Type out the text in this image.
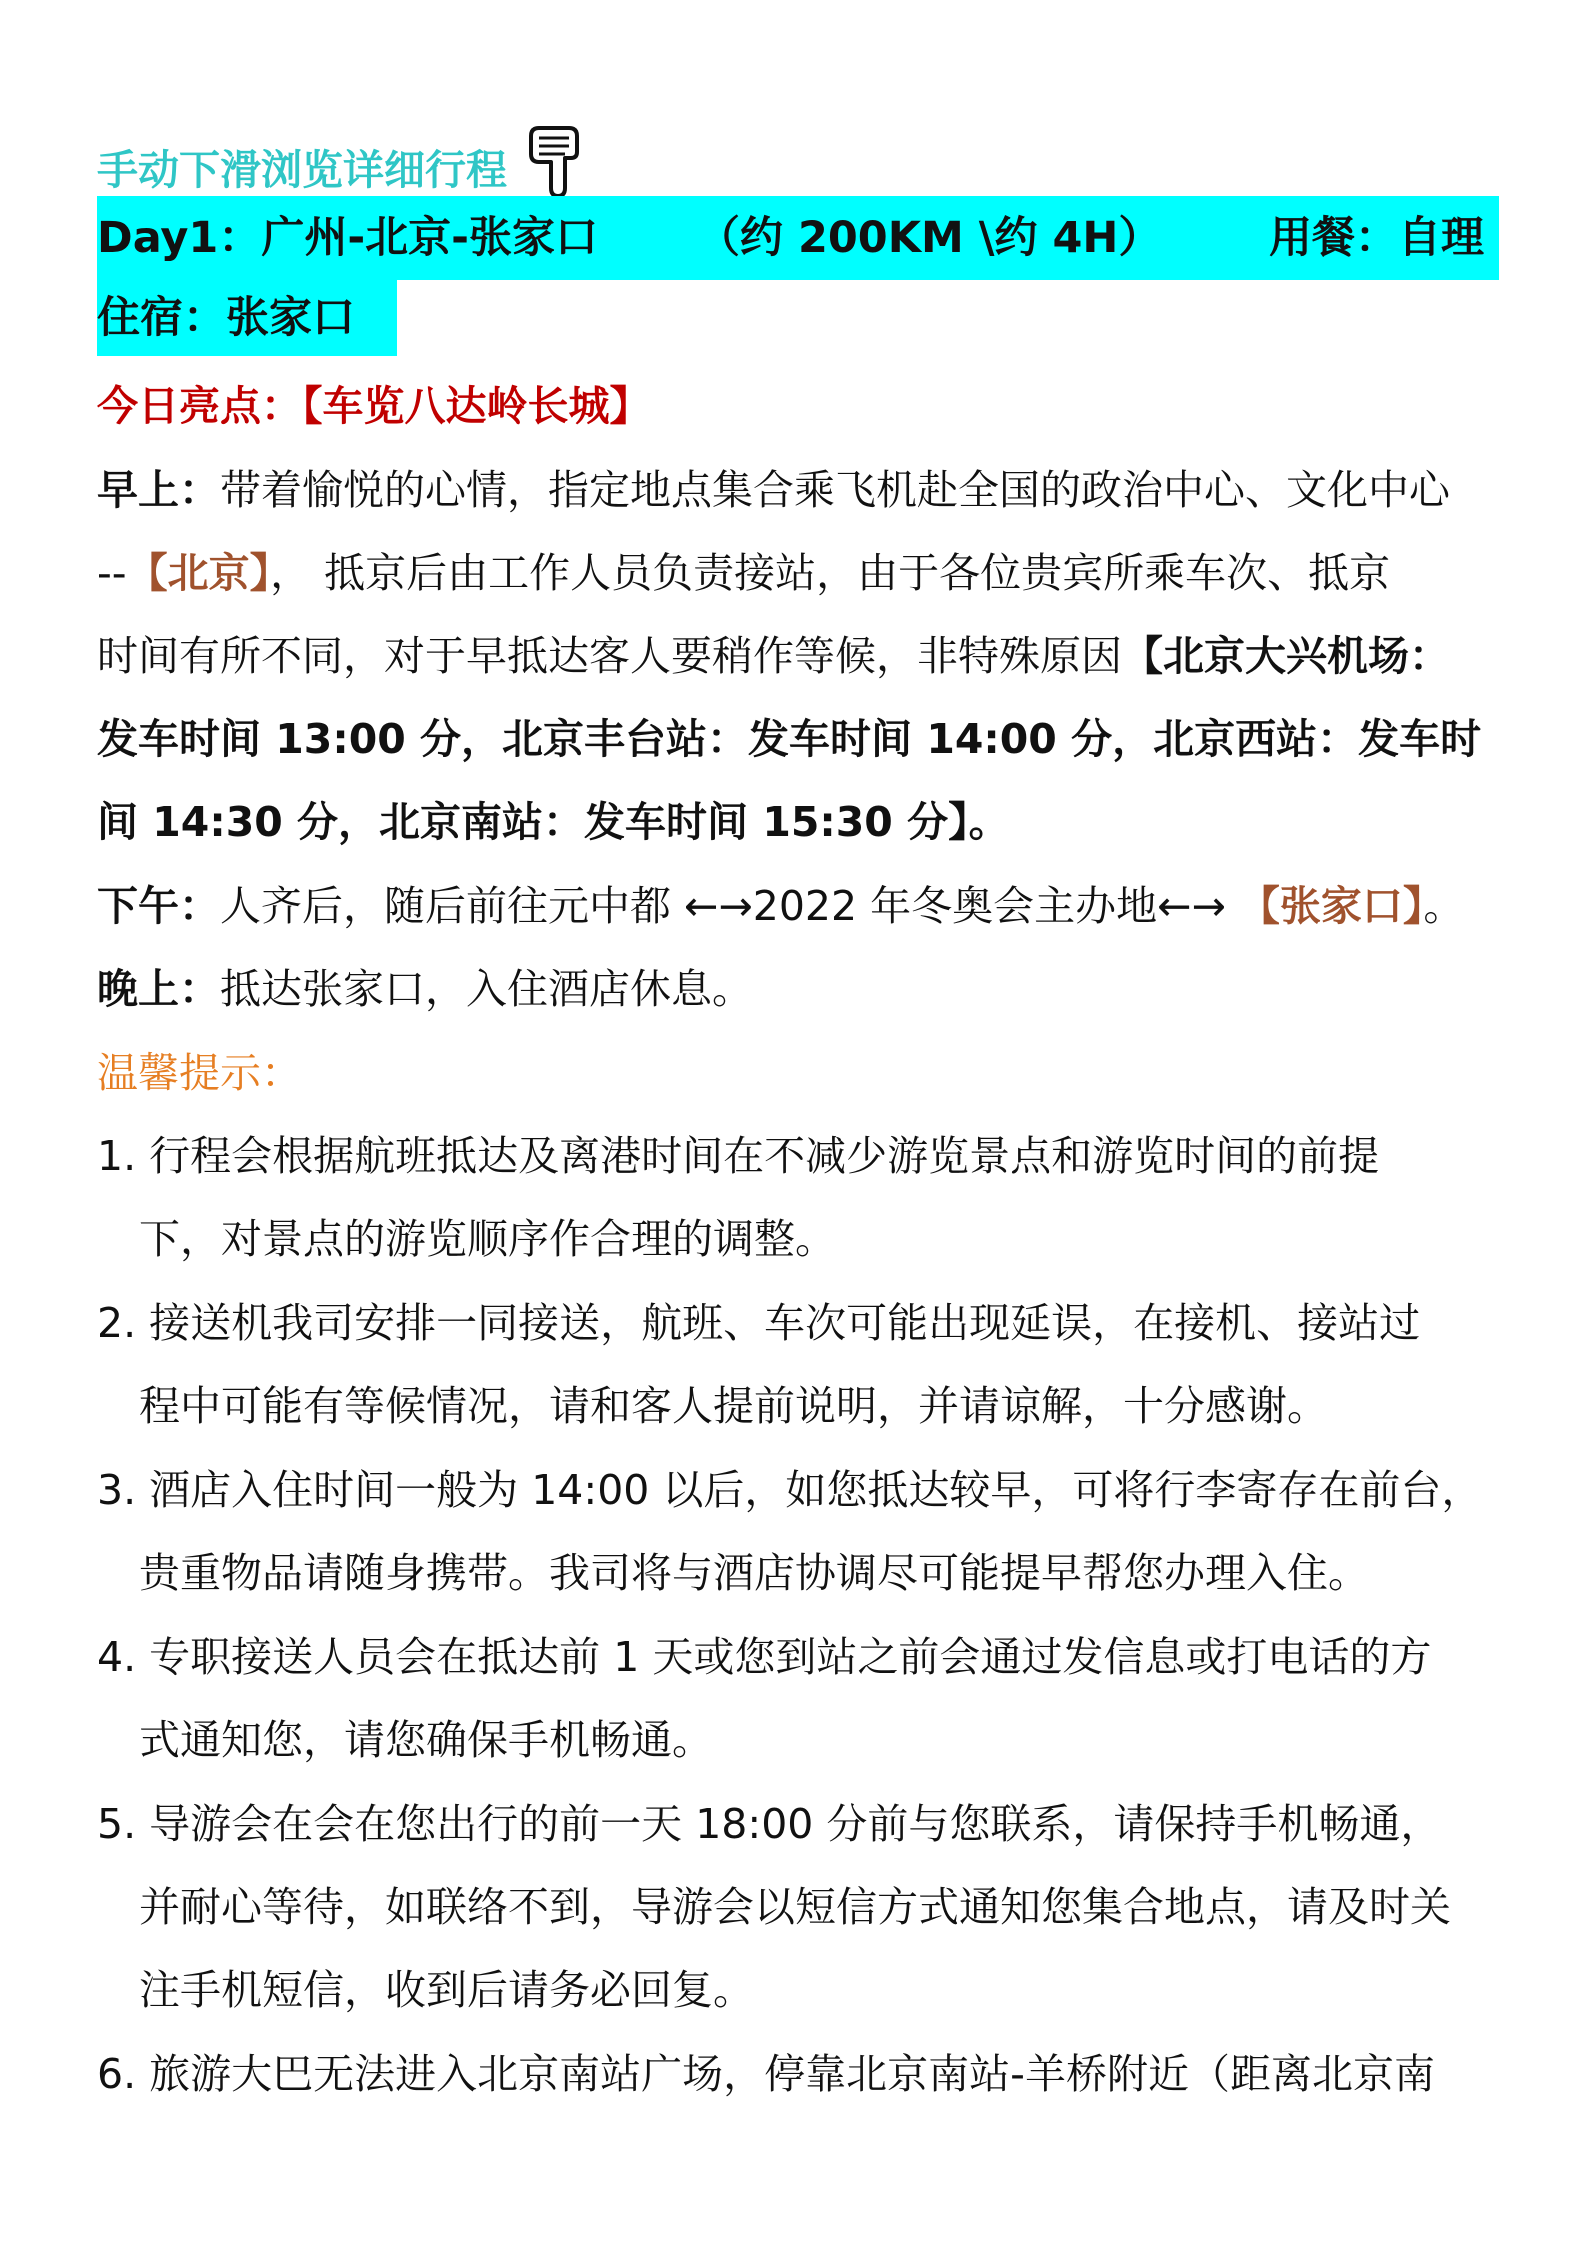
手动下滑浏览详细行程
Day1：广州-北京-张家口 （约 200KM \约 4H）	用餐：自理
住宿：张家口
今日亮点：【车览八达岭长城】
早上：带着愉悦的心情，指定地点集合乘飞机赴全国的政治中心、文化中心
--【北京】， 抵京后由工作人员负责接站，由于各位贵宾所乘车次、抵京
时间有所不同，对于早抵达客人要稍作等候，非特殊原因【北京大兴机场：
发车时间 13:00 分，北京丰台站：发车时间 14:00 分，北京西站：发车时
间 14:30 分，北京南站：发车时间 15:30 分】。
下午：人齐后，随后前往元中都 ←→2022 年冬奥会主办地←→ 【张家口】。
晚上：抵达张家口，入住酒店休息。
温馨提示：
1. 行程会根据航班抵达及离港时间在不减少游览景点和游览时间的前提
下，对景点的游览顺序作合理的调整。
2. 接送机我司安排一同接送，航班、车次可能出现延误，在接机、接站过
程中可能有等候情况，请和客人提前说明，并请谅解，十分感谢。
3. 酒店入住时间一般为 14:00 以后，如您抵达较早，可将行李寄存在前台，
贵重物品请随身携带。我司将与酒店协调尽可能提早帮您办理入住。
4. 专职接送人员会在抵达前 1 天或您到站之前会通过发信息或打电话的方
式通知您，请您确保手机畅通。
5. 导游会在会在您出行的前一天 18:00 分前与您联系，请保持手机畅通，
并耐心等待，如联络不到，导游会以短信方式通知您集合地点，请及时关
注手机短信，收到后请务必回复。
6. 旅游大巴无法进入北京南站广场，停靠北京南站-羊桥附近（距离北京南
